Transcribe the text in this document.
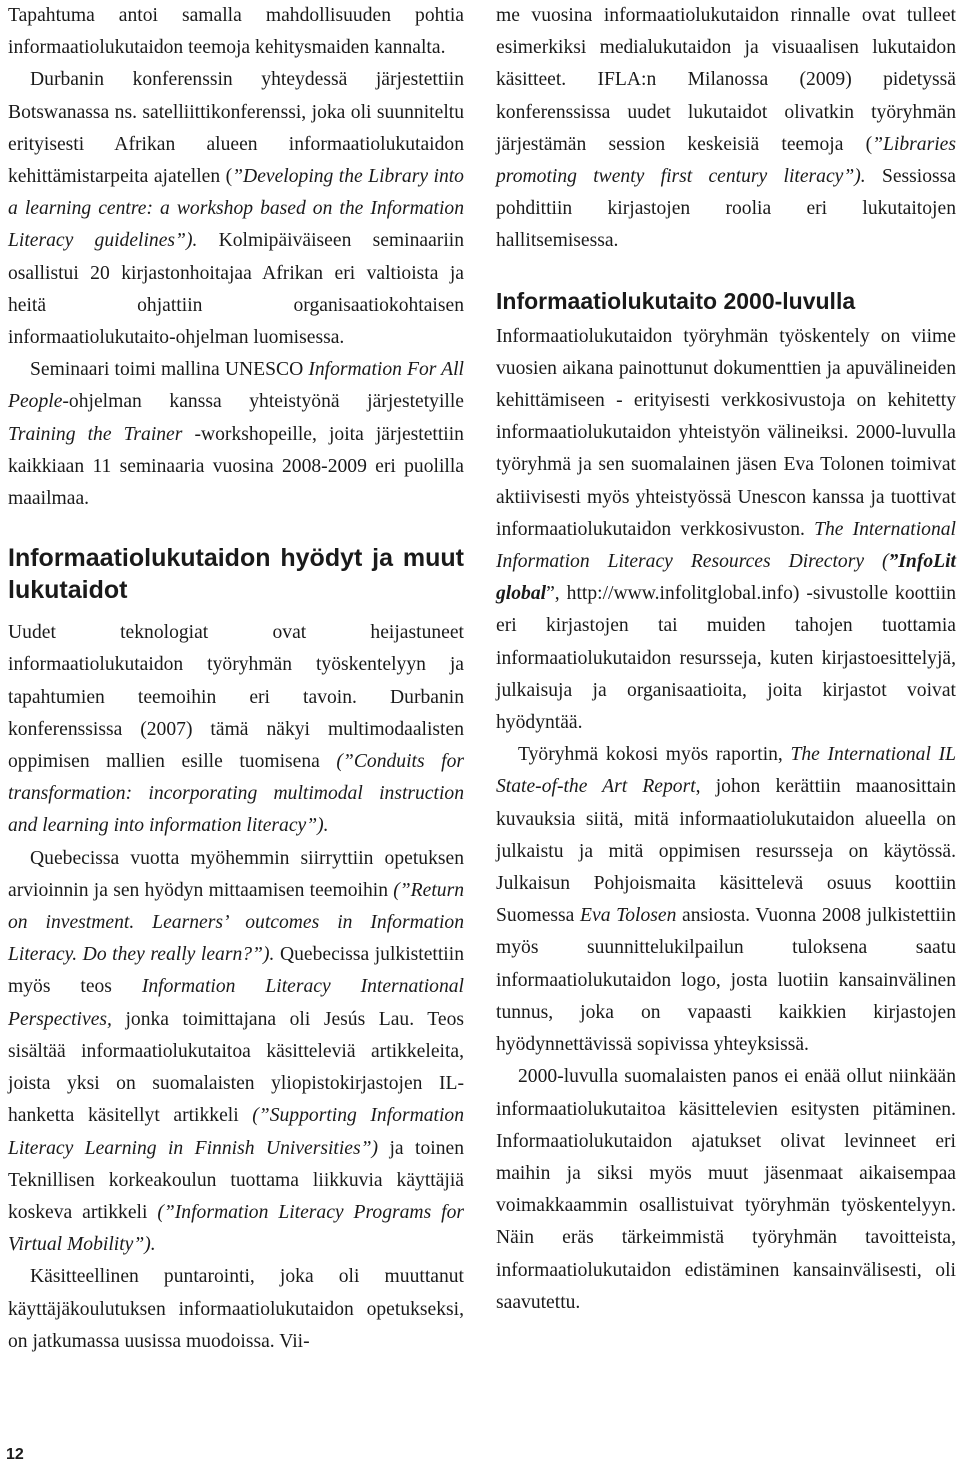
Tapahtuma antoi samalla mahdollisuuden pohtia informaatiolukutaidon teemoja kehitysmaiden kannalta.

Durbanin konferenssin yhteydessä järjestettiin Botswanassa ns. satelliittikonferenssi, joka oli suunniteltu erityisesti Afrikan alueen informaatiolukutaidon kehittämistarpeita ajatellen (”Developing the Library into a learning centre: a workshop based on the Information Literacy guidelines”). Kolmipäiväiseen seminaariin osallistui 20 kirjastonhoitajaa Afrikan eri valtioista ja heitä ohjattiin organisaatiokohtaisen informaatiolukutaito-ohjelman luomisessa.

Seminaari toimi mallina UNESCO Information For All People-ohjelman kanssa yhteistyönä järjestetyille Training the Trainer -workshopeille, joita järjestettiin kaikkiaan 11 seminaaria vuosina 2008-2009 eri puolilla maailmaa.

Informaatiolukutaidon hyödyt ja muut lukutaidot

Uudet teknologiat ovat heijastuneet informaatiolukutaidon työryhmän työskentelyyn ja tapahtumien teemoihin eri tavoin. Durbanin konferenssissa (2007) tämä näkyi multimodaalisten oppimisen mallien esille tuomisena (”Conduits for transformation: incorporating multimodal instruction and learning into information literacy”).

Quebecissa vuotta myöhemmin siirryttiin opetuksen arvioinnin ja sen hyödyn mittaamisen teemoihin (”Return on investment. Learners’ outcomes in Information Literacy. Do they really learn?”). Quebecissa julkistettiin myös teos Information Literacy International Perspectives, jonka toimittajana oli Jesús Lau. Teos sisältää informaatiolukutaitoa käsitteleviä artikkeleita, joista yksi on suomalaisten yliopistokirjastojen IL-hanketta käsitellyt artikkeli (”Supporting Information Literacy Learning in Finnish Universities”) ja toinen Teknillisen korkeakoulun tuottama liikkuvia käyttäjiä koskeva artikkeli (”Information Literacy Programs for Virtual Mobility”).

Käsitteellinen puntarointi, joka oli muuttanut käyttäjäkoulutuksen informaatiolukutaidon opetukseksi, on jatkumassa uusissa muodoissa. Vii-

me vuosina informaatiolukutaidon rinnalle ovat tulleet esimerkiksi medialukutaidon ja visuaalisen lukutaidon käsitteet. IFLA:n Milanossa (2009) pidetyssä konferenssissa uudet lukutaidot olivatkin työryhmän järjestämän session keskeisiä teemoja (”Libraries promoting twenty first century literacy”). Sessiossa pohdittiin kirjastojen roolia eri lukutaitojen hallitsemisessa.

Informaatiolukutaito 2000-luvulla

Informaatiolukutaidon työryhmän työskentely on viime vuosien aikana painottunut dokumenttien ja apuvälineiden kehittämiseen - erityisesti verkkosivustoja on kehitetty informaatiolukutaidon yhteistyön välineiksi. 2000-luvulla työryhmä ja sen suomalainen jäsen Eva Tolonen toimivat aktiivisesti myös yhteistyössä Unescon kanssa ja tuottivat informaatiolukutaidon verkkosivuston. The International Information Literacy Resources Directory (”InfoLit global”, http://www.infolitglobal.info) -sivustolle koottiin eri kirjastojen tai muiden tahojen tuottamia informaatiolukutaidon resursseja, kuten kirjastoesittelyjä, julkaisuja ja organisaatioita, joita kirjastot voivat hyödyntää.

Työryhmä kokosi myös raportin, The International IL State-of-the Art Report, johon kerättiin maanosittain kuvauksia siitä, mitä informaatiolukutaidon alueella on julkaistu ja mitä oppimisen resursseja on käytössä. Julkaisun Pohjoismaita käsittelevä osuus koottiin Suomessa Eva Tolosen ansiosta. Vuonna 2008 julkistettiin myös suunnittelukilpailun tuloksena saatu informaatiolukutaidon logo, josta luotiin kansainvälinen tunnus, joka on vapaasti kaikkien kirjastojen hyödynnettävissä sopivissa yhteyksissä.

2000-luvulla suomalaisten panos ei enää ollut niinkään informaatiolukutaitoa käsittelevien esitysten pitäminen. Informaatiolukutaidon ajatukset olivat levinneet eri maihin ja siksi myös muut jäsenmaat aikaisempaa voimakkaammin osallistuivat työryhmän työskentelyyn. Näin eräs tärkeimmistä työryhmän tavoitteista, informaatiolukutaidon edistäminen kansainvälisesti, oli saavutettu.

12
